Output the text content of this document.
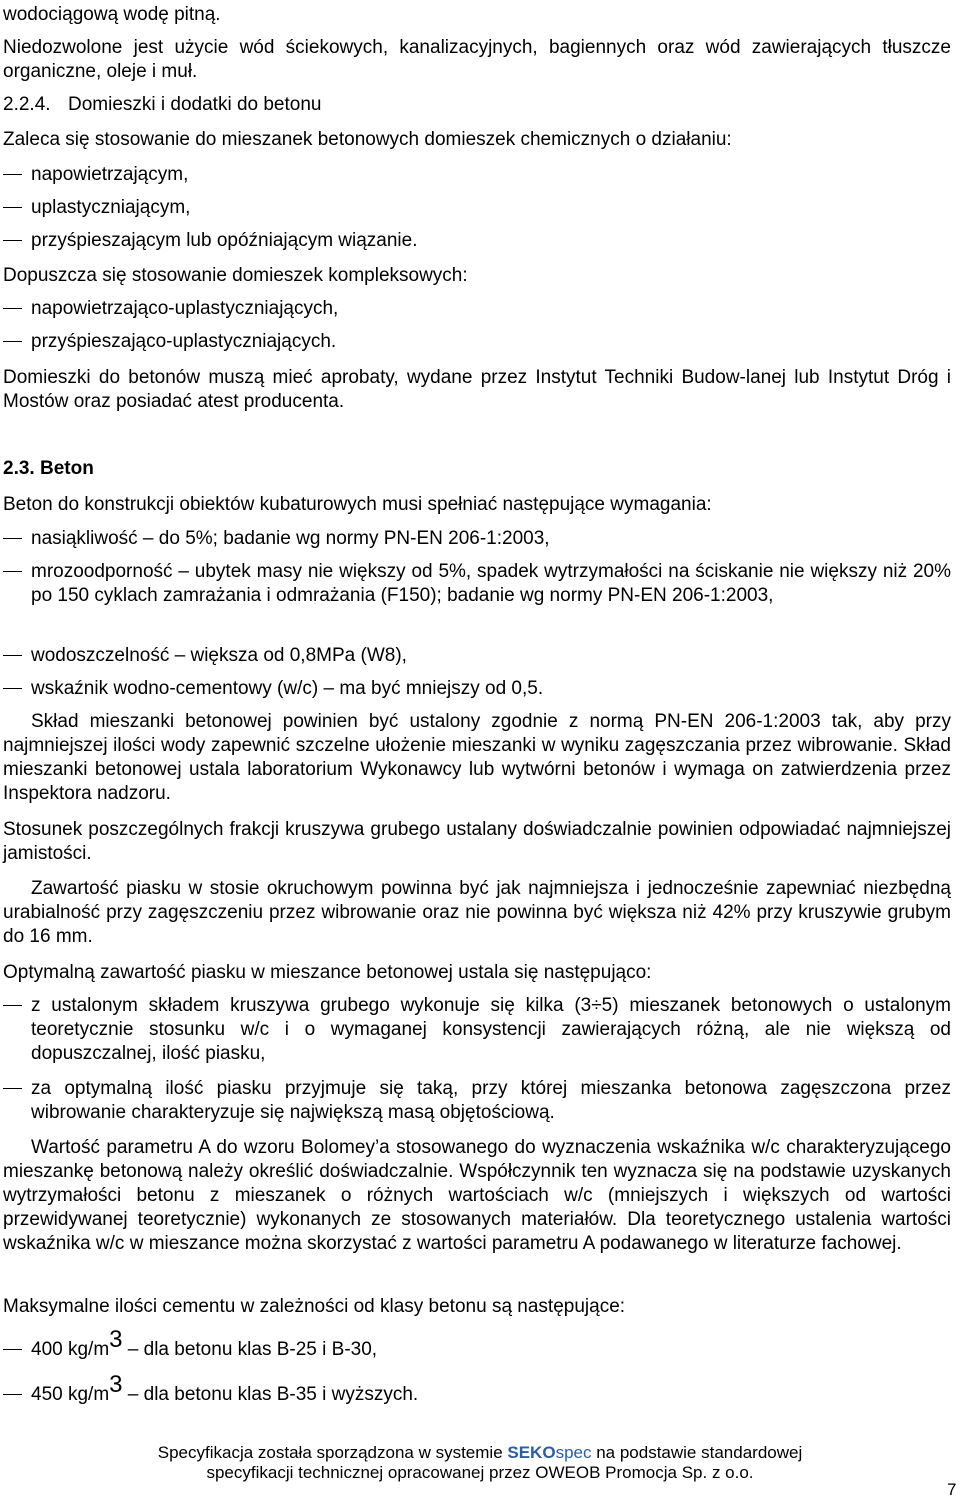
wodociągową wodę pitną.

Niedozwolone jest użycie wód ściekowych, kanalizacyjnych, bagiennych oraz wód zawierających tłuszcze organiczne, oleje i muł.

2.2.4. Domieszki i dodatki do betonu

Zaleca się stosowanie do mieszanek betonowych domieszek chemicznych o działaniu:

napowietrzającym,
uplastyczniającym,
przyśpieszającym lub opóźniającym wiązanie.

Dopuszcza się stosowanie domieszek kompleksowych:

napowietrzająco-uplastyczniających,
przyśpieszająco-uplastyczniających.

Domieszki do betonów muszą mieć aprobaty, wydane przez Instytut Techniki Budow-lanej lub Instytut Dróg i Mostów oraz posiadać atest producenta.

2.3. Beton

Beton do konstrukcji obiektów kubaturowych musi spełniać następujące wymagania:

nasiąkliwość – do 5%; badanie wg normy PN-EN 206-1:2003,
mrozoodporność – ubytek masy nie większy od 5%, spadek wytrzymałości na ściskanie nie większy niż 20% po 150 cyklach zamrażania i odmrażania (F150); badanie wg normy PN-EN 206-1:2003,
wodoszczelność – większa od 0,8MPa (W8),
wskaźnik wodno-cementowy (w/c) – ma być mniejszy od 0,5.

Skład mieszanki betonowej powinien być ustalony zgodnie z normą PN-EN 206-1:2003 tak, aby przy najmniejszej ilości wody zapewnić szczelne ułożenie mieszanki w wyniku zagęszczania przez wibrowanie. Skład mieszanki betonowej ustala laboratorium Wykonawcy lub wytwórni betonów i wymaga on zatwierdzenia przez Inspektora nadzoru.

Stosunek poszczególnych frakcji kruszywa grubego ustalany doświadczalnie powinien odpowiadać najmniejszej jamistości.

Zawartość piasku w stosie okruchowym powinna być jak najmniejsza i jednocześnie zapewniać niezbędną urabialność przy zagęszczeniu przez wibrowanie oraz nie powinna być większa niż 42% przy kruszywie grubym do 16 mm.

Optymalną zawartość piasku w mieszance betonowej ustala się następująco:

z ustalonym składem kruszywa grubego wykonuje się kilka (3÷5) mieszanek betonowych o ustalonym teoretycznie stosunku w/c i o wymaganej konsystencji zawierających różną, ale nie większą od dopuszczalnej, ilość piasku,
za optymalną ilość piasku przyjmuje się taką, przy której mieszanka betonowa zagęszczona przez wibrowanie charakteryzuje się największą masą objętościową.

Wartość parametru A do wzoru Bolomey’a stosowanego do wyznaczenia wskaźnika w/c charakteryzującego mieszankę betonową należy określić doświadczalnie. Współczynnik ten wyznacza się na podstawie uzyskanych wytrzymałości betonu z mieszanek o różnych wartościach w/c (mniejszych i większych od wartości przewidywanej teoretycznie) wykonanych ze stosowanych materiałów. Dla teoretycznego ustalenia wartości wskaźnika w/c w mieszance można skorzystać z wartości parametru A podawanego w literaturze fachowej.

Maksymalne ilości cementu w zależności od klasy betonu są następujące:

400 $kg/m^3$ – dla betonu klas B-25 i B-30,
450 $kg/m^3$ – dla betonu klas B-35 i wyższych.
Specyfikacja została sporządzona w systemie SEKOspec na podstawie standardowej
specyfikacji technicznej opracowanej przez OWEOB Promocja Sp. z o.o.
7
